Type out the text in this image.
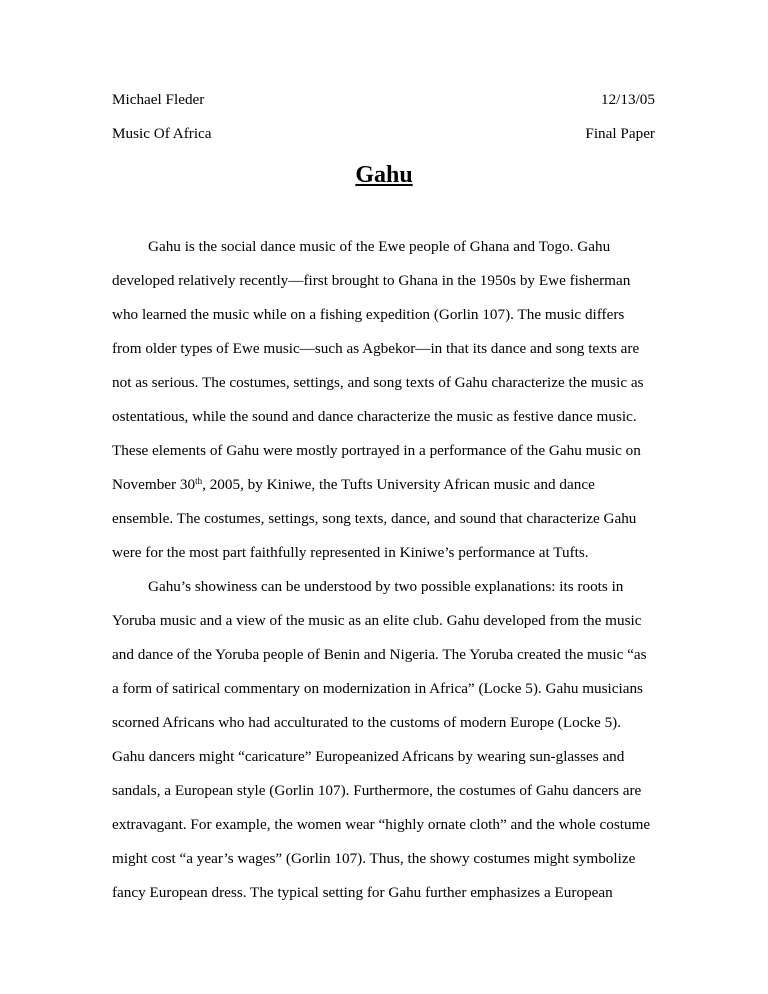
Michael Fleder	12/13/05
Music Of Africa	Final Paper
Gahu
Gahu is the social dance music of the Ewe people of Ghana and Togo. Gahu
developed relatively recently—first brought to Ghana in the 1950s by Ewe fisherman
who learned the music while on a fishing expedition (Gorlin 107). The music differs
from older types of Ewe music—such as Agbekor—in that its dance and song texts are
not as serious. The costumes, settings, and song texts of Gahu characterize the music as
ostentatious, while the sound and dance characterize the music as festive dance music.
These elements of Gahu were mostly portrayed in a performance of the Gahu music on
November 30th, 2005, by Kiniwe, the Tufts University African music and dance
ensemble. The costumes, settings, song texts, dance, and sound that characterize Gahu
were for the most part faithfully represented in Kiniwe’s performance at Tufts.
Gahu’s showiness can be understood by two possible explanations: its roots in
Yoruba music and a view of the music as an elite club. Gahu developed from the music
and dance of the Yoruba people of Benin and Nigeria. The Yoruba created the music “as
a form of satirical commentary on modernization in Africa” (Locke 5). Gahu musicians
scorned Africans who had acculturated to the customs of modern Europe (Locke 5).
Gahu dancers might “caricature” Europeanized Africans by wearing sun-glasses and
sandals, a European style (Gorlin 107). Furthermore, the costumes of Gahu dancers are
extravagant. For example, the women wear “highly ornate cloth” and the whole costume
might cost “a year’s wages” (Gorlin 107). Thus, the showy costumes might symbolize
fancy European dress. The typical setting for Gahu further emphasizes a European
